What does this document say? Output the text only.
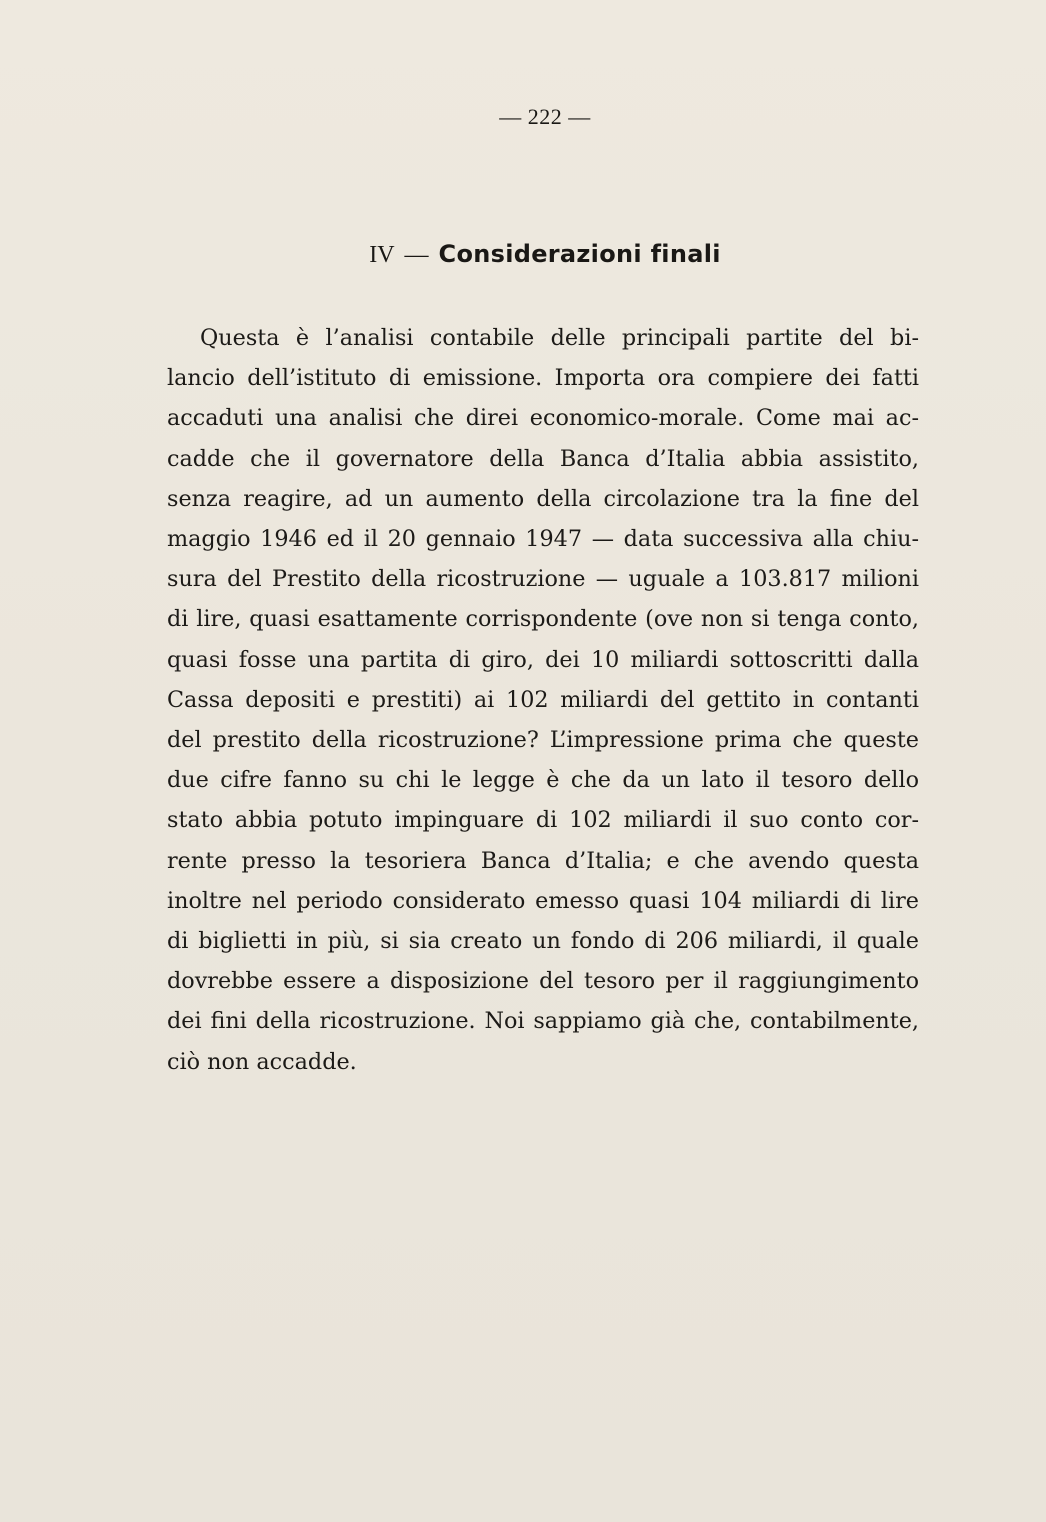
— 222 —
IV — Considerazioni finali
Questa è l’analisi contabile delle principali partite del bi-
lancio dell’istituto di emissione. Importa ora compiere dei fatti
accaduti una analisi che direi economico-morale. Come mai ac-
cadde che il governatore della Banca d’Italia abbia assistito,
senza reagire, ad un aumento della circolazione tra la fine del
maggio 1946 ed il 20 gennaio 1947 — data successiva alla chiu-
sura del Prestito della ricostruzione — uguale a 103.817 milioni
di lire, quasi esattamente corrispondente (ove non si tenga conto,
quasi fosse una partita di giro, dei 10 miliardi sottoscritti dalla
Cassa depositi e prestiti) ai 102 miliardi del gettito in contanti
del prestito della ricostruzione? L’impressione prima che queste
due cifre fanno su chi le legge è che da un lato il tesoro dello
stato abbia potuto impinguare di 102 miliardi il suo conto cor-
rente presso la tesoriera Banca d’Italia; e che avendo questa
inoltre nel periodo considerato emesso quasi 104 miliardi di lire
di biglietti in più, si sia creato un fondo di 206 miliardi, il quale
dovrebbe essere a disposizione del tesoro per il raggiungimento
dei fini della ricostruzione. Noi sappiamo già che, contabilmente,
ciò non accadde.
